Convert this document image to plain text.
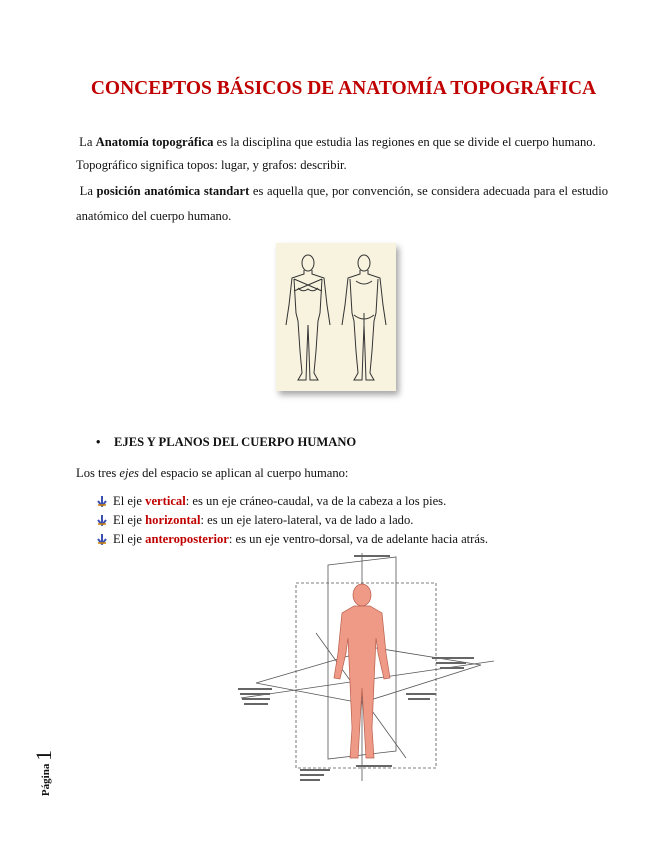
CONCEPTOS BÁSICOS DE ANATOMÍA TOPOGRÁFICA

La Anatomía topográfica es la disciplina que estudia las regiones en que se divide el cuerpo humano.

Topográfico significa topos: lugar, y grafos: describir.

La posición anatómica standart es aquella que, por convención, se considera adecuada para el estudio anatómico del cuerpo humano.

• EJES Y PLANOS DEL CUERPO HUMANO

Los tres ejes del espacio se aplican al cuerpo humano:

El eje vertical: es un eje cráneo-caudal, va de la cabeza a los pies.
El eje horizontal: es un eje latero-lateral, va de lado a lado.
El eje anteroposterior: es un eje ventro-dorsal, va de adelante hacia atrás.
Página 1
